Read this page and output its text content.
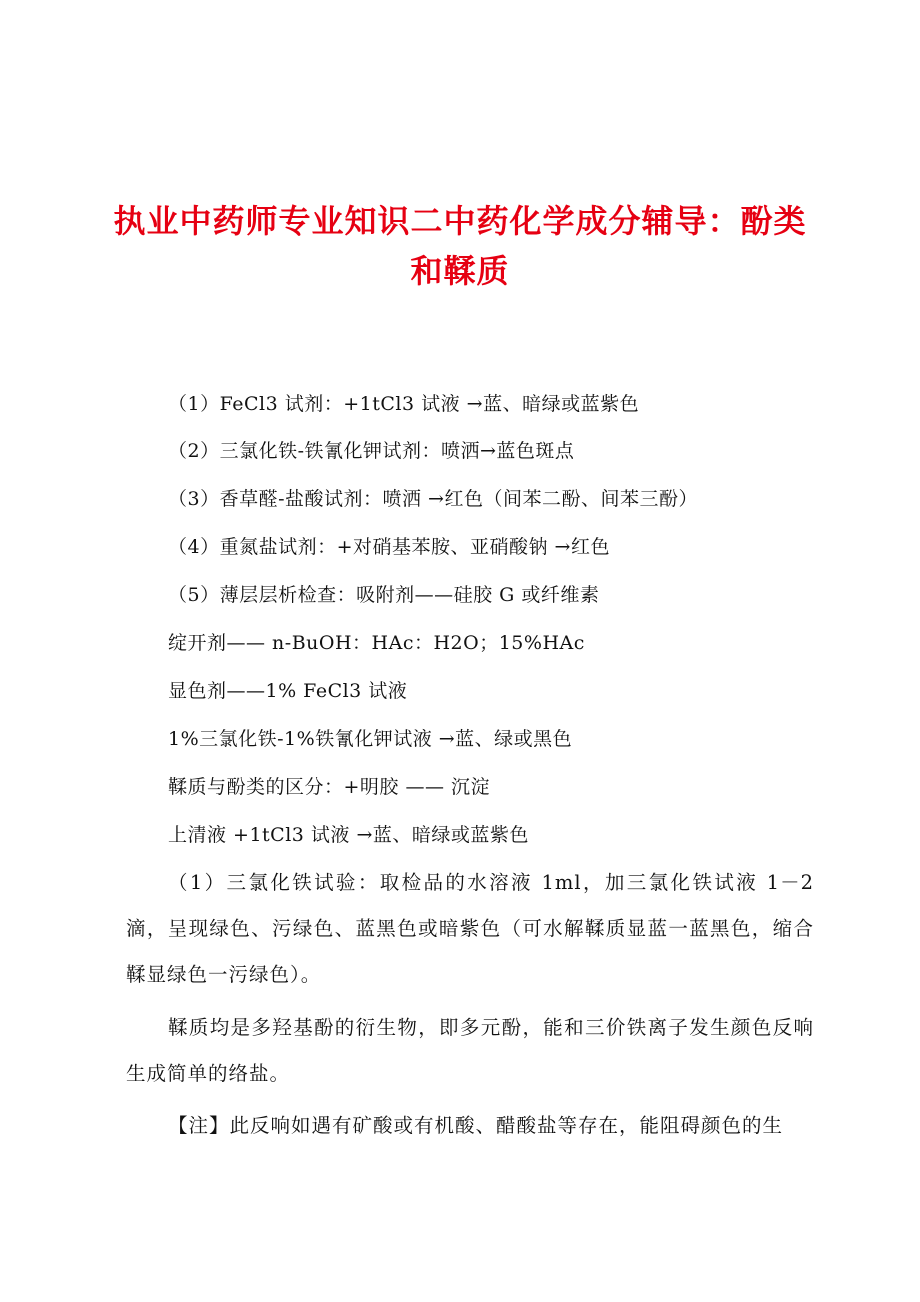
执业中药师专业知识二中药化学成分辅导：酚类和鞣质

（1）FeCl3 试剂：+1tCl3 试液 →蓝、暗绿或蓝紫色

（2）三氯化铁-铁氰化钾试剂：喷洒→蓝色斑点

（3）香草醛-盐酸试剂：喷洒 →红色（间苯二酚、间苯三酚）

（4）重氮盐试剂：+对硝基苯胺、亚硝酸钠 →红色

（5）薄层层析检查：吸附剂——硅胶 G 或纤维素

绽开剂—— n-BuOH：HAc：H2O；15%HAc

显色剂——1% FeCl3 试液

1%三氯化铁-1%铁氰化钾试液 →蓝、绿或黑色

鞣质与酚类的区分：+明胶 —— 沉淀

上清液 +1tCl3 试液 →蓝、暗绿或蓝紫色

（1）三氯化铁试验：取检品的水溶液 1ml，加三氯化铁试液 1－2 滴，呈现绿色、污绿色、蓝黑色或暗紫色（可水解鞣质显蓝一蓝黑色，缩合鞣显绿色一污绿色）。

鞣质均是多羟基酚的衍生物，即多元酚，能和三价铁离子发生颜色反响生成简单的络盐。

【注】此反响如遇有矿酸或有机酸、醋酸盐等存在，能阻碍颜色的生
